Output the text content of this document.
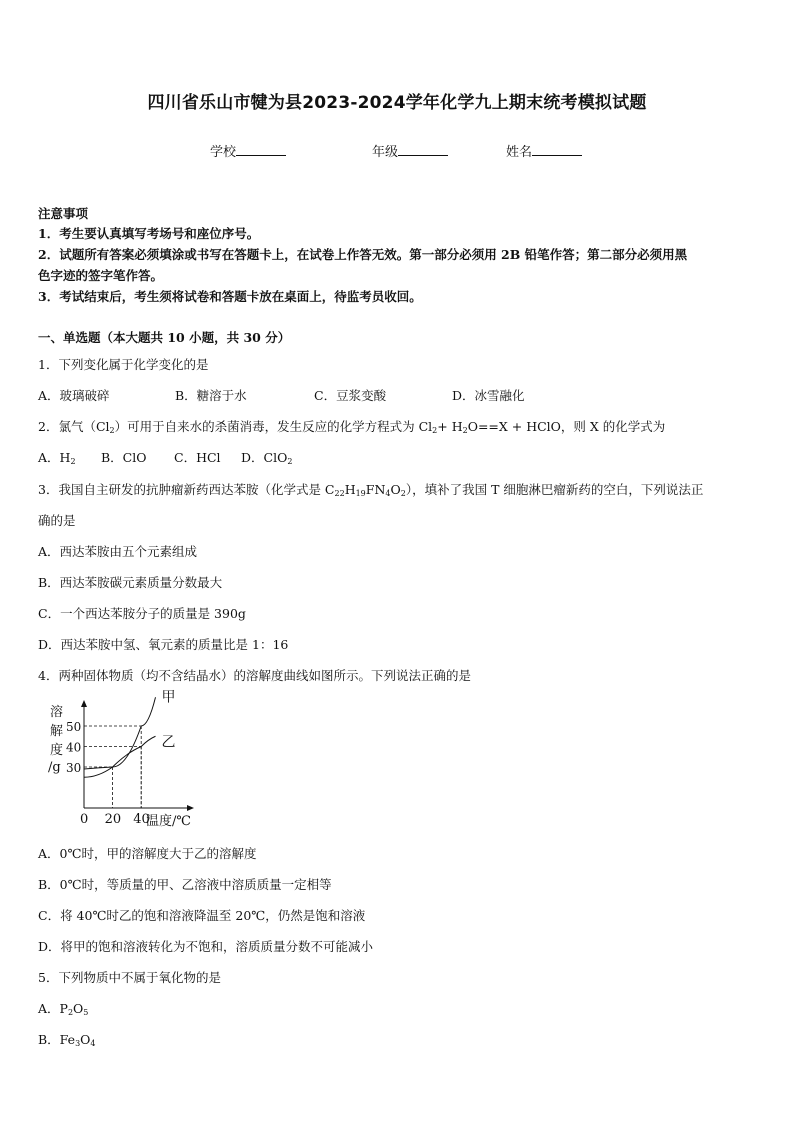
四川省乐山市犍为县2023-2024学年化学九上期末统考模拟试题
学校	年级	姓名
注意事项
1．考生要认真填写考场号和座位序号。
2．试题所有答案必须填涂或书写在答题卡上，在试卷上作答无效。第一部分必须用 2B 铅笔作答；第二部分必须用黑
色字迹的签字笔作答。
3．考试结束后，考生须将试卷和答题卡放在桌面上，待监考员收回。
一、单选题（本大题共 10 小题，共 30 分）
1．下列变化属于化学变化的是
A．玻璃破碎	B．糖溶于水	C．豆浆变酸	D．冰雪融化
2．氯气$(Cl_2)$可用于自来水的杀菌消毒，发生反应的化学方程式为 $Cl_2+ H_2O==X$ + HClO，则 X 的化学式为
A．$H_2$ B．ClO C．HCl D．ClO$_2$
3．我国自主研发的抗肿瘤新药西达苯胺（化学式是 $C_{22}H_{19}FN_4O_2$），填补了我国 T 细胞淋巴瘤新药的空白，下列说法正
确的是
A．西达苯胺由五个元素组成
B．西达苯胺碳元素质量分数最大
C．一个西达苯胺分子的质量是 390g
D．西达苯胺中氢、氧元素的质量比是 1：16
4．两种固体物质（均不含结晶水）的溶解度曲线如图所示。下列说法正确的是
溶
解
度
/g
甲
乙
0 20 40
30
40
50
温度/℃
A．0℃时，甲的溶解度大于乙的溶解度
B．0℃时，等质量的甲、乙溶液中溶质质量一定相等
C．将 40℃时乙的饱和溶液降温至 20℃，仍然是饱和溶液
D．将甲的饱和溶液转化为不饱和，溶质质量分数不可能减小
5．下列物质中不属于氧化物的是
A．$P_2O_5$
B．$Fe_3O_4$
